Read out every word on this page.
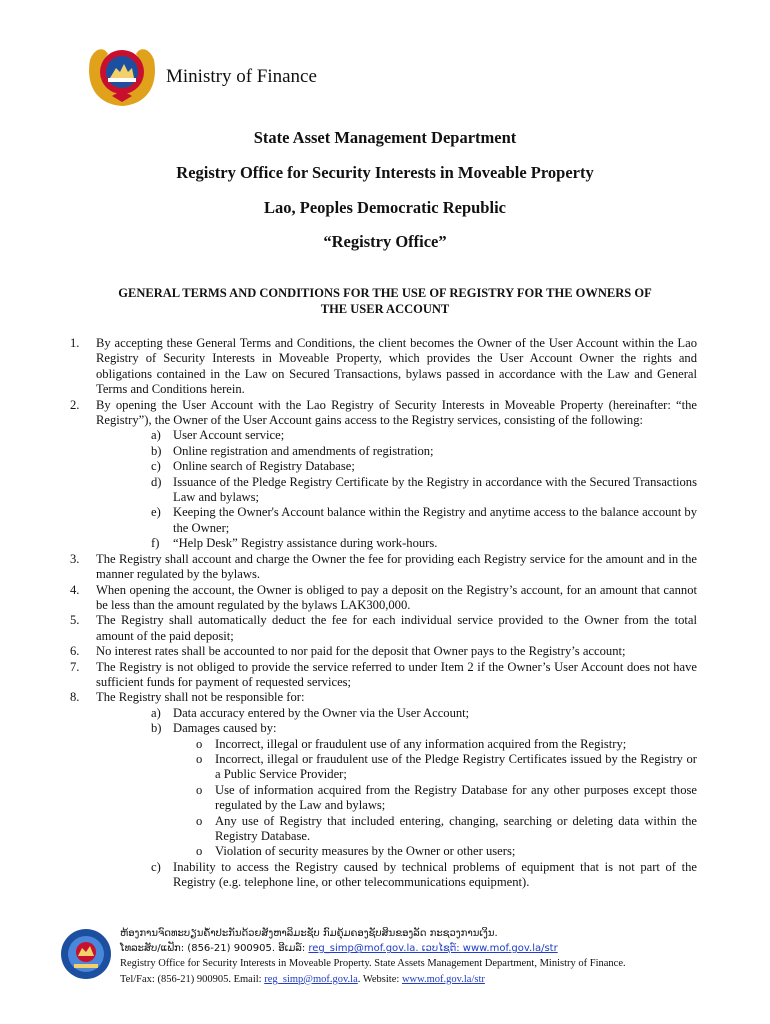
Ministry of Finance
State Asset Management Department
Registry Office for Security Interests in Moveable Property
Lao, Peoples Democratic Republic
“Registry Office”
GENERAL TERMS AND CONDITIONS FOR THE USE OF REGISTRY FOR THE OWNERS OF
THE USER ACCOUNT
1. By accepting these General Terms and Conditions, the client becomes the Owner of the User Account within the Lao Registry of Security Interests in Moveable Property, which provides the User Account Owner the rights and obligations contained in the Law on Secured Transactions, bylaws passed in accordance with the Law and General Terms and Conditions herein.
2. By opening the User Account with the Lao Registry of Security Interests in Moveable Property (hereinafter: “the Registry”), the Owner of the User Account gains access to the Registry services, consisting of the following:
a) User Account service;
b) Online registration and amendments of registration;
c) Online search of Registry Database;
d) Issuance of the Pledge Registry Certificate by the Registry in accordance with the Secured Transactions Law and bylaws;
e) Keeping the Owner's Account balance within the Registry and anytime access to the balance account by the Owner;
f) “Help Desk” Registry assistance during work-hours.
3. The Registry shall account and charge the Owner the fee for providing each Registry service for the amount and in the manner regulated by the bylaws.
4. When opening the account, the Owner is obliged to pay a deposit on the Registry’s account, for an amount that cannot be less than the amount regulated by the bylaws LAK300,000.
5. The Registry shall automatically deduct the fee for each individual service provided to the Owner from the total amount of the paid deposit;
6. No interest rates shall be accounted to nor paid for the deposit that Owner pays to the Registry’s account;
7. The Registry is not obliged to provide the service referred to under Item 2 if the Owner’s User Account does not have sufficient funds for payment of requested services;
8. The Registry shall not be responsible for:
a) Data accuracy entered by the Owner via the User Account;
b) Damages caused by:
o Incorrect, illegal or fraudulent use of any information acquired from the Registry;
o Incorrect, illegal or fraudulent use of the Pledge Registry Certificates issued by the Registry or a Public Service Provider;
o Use of information acquired from the Registry Database for any other purposes except those regulated by the Law and bylaws;
o Any use of Registry that included entering, changing, searching or deleting data within the Registry Database.
o Violation of security measures by the Owner or other users;
c) Inability to access the Registry caused by technical problems of equipment that is not part of the Registry (e.g. telephone line, or other telecommunications equipment).
ຫ້ອງການຈົດທະບຽນຄ້ຳປະກັນດ້ວຍສັງຫາລິມະຊັບ ກົມຄຸ້ມຄອງຊັບສິນຂອງລັດ ກະຊວງການເງິນ.
ໂທລະສັບ/ແຟັກ: (856-21) 900905. ອີເມລ໌: reg_simp@mof.gov.la. ເວບໄຊຕ໌: www.mof.gov.la/str
Registry Office for Security Interests in Moveable Property. State Assets Management Department, Ministry of Finance.
Tel/Fax: (856-21) 900905. Email: reg_simp@mof.gov.la. Website: www.mof.gov.la/str
